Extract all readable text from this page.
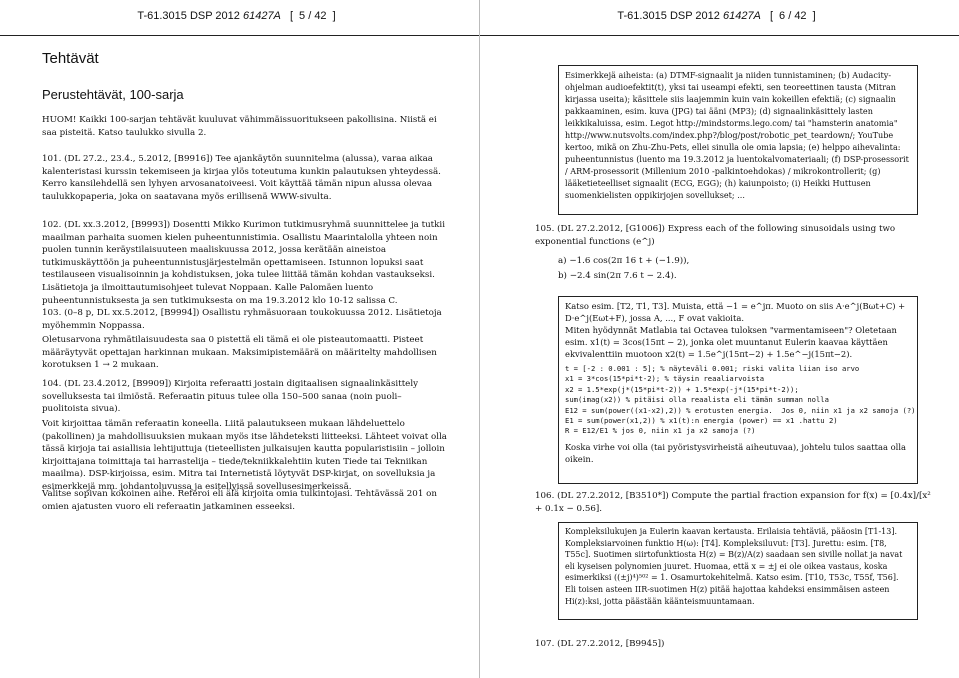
T-61.3015 DSP 2012 61427A [ 5 / 42 ]
Tehtävät
Perustehtävät, 100-sarja
HUOM! Kaikki 100-sarjan tehtävät kuuluvat vähimmäissuoritukseen pakollisina. Niistä ei saa pisteitä. Katso taulukko sivulla 2.
101. (DL 27.2., 23.4., 5.2012, [B9916]) Tee ajankäytön suunnitelma (alussa), varaa aikaa kalenteristasi kurssin tekemiseen ja kirjaa ylös toteutuma kunkin palautuksen yhteydessä. Kerro kansilehdellä sen lyhyen arvosanatoiveesi. Voit käyttää tämän nipun alussa olevaa taulukkopaperia, joka on saatavana myös erillisenä WWW-sivulta.
102. (DL xx.3.2012, [B9993]) Dosentti Mikko Kurimon tutkimusryhmä suunnittelee ja tutkii maailman parhaita suomen kielen puheentunnistimia. Osallistu Maarintalolla yhteen noin puolen tunnin keräystilaisuuteen maaliskuussa 2012, jossa kerätään aineistoa tutkimuskäyttöön ja puheentunnistusjärjestelmän opettamiseen. Istunnon lopuksi saat testilauseen visualisoinnin ja kohdistuksen, joka tulee liittää tämän kohdan vastaukseksi. Lisätietoja ja ilmoittautumisohjeet tulevat Noppaan. Kalle Palomäen luento puheentunnistuksesta ja sen tutkimuksesta on ma 19.3.2012 klo 10-12 salissa C.
103. (0–8 p, DL xx.5.2012, [B9994]) Osallistu ryhmäsuoraan toukokuussa 2012. Lisätietoja myöhemmin Noppassa.
Oletusarvona ryhmätilaisuudesta saa 0 pistettä eli tämä ei ole pisteautomaatti. Pisteet määräytyvät opettajan harkinnan mukaan. Maksimipistemäärä on määritelty mahdollisen korotuksen 1 → 2 mukaan.
104. (DL 23.4.2012, [B9909]) Kirjoita referaatti jostain digitaalisen signaalinkäsittely sovelluksesta tai ilmiöstä. Referaatin pituus tulee olla 150–500 sanaa (noin puoli–puolitoista sivua).
Voit kirjoittaa tämän referaatin koneella. Liitä palautukseen mukaan lähdeluettelo (pakollinen) ja mahdollisuuksien mukaan myös itse lähdeteksti liitteeksi. Lähteet voivat olla tässä kirjoja tai asiallisia lehtijuttuja (tieteellisten julkaisujen kautta popularistisiin – jolloin kirjoittajana toimittaja tai harrastelija – tiede/tekniikkalehtiin kuten Tiede tai Tekniikan maailma). DSP-kirjoissa, esim. Mitra tai Internetistä löytyvät DSP-kirjat, on sovelluksia ja esimerkkejä mm. johdantoluvussa ja esitellyissä sovellusesimerkeissä.
Valitse sopivan kokoinen aihe. Referoi eli älä kirjoita omia tulkintojasi. Tehtävässä 201 on omien ajatusten vuoro eli referaatin jatkaminen esseeksi.
T-61.3015 DSP 2012 61427A [ 6 / 42 ]
Esimerkkejä aiheista: (a) DTMF-signaalit ja niiden tunnistaminen; (b) Audacity-ohjelman audioefektit(t), yksi tai useampi efekti, sen teoreettinen tausta (Mitran kirjassa useita); käsittele siis laajemmin kuin vain kokeillen efektiä; (c) signaalin pakkaaminen, esim. kuva (JPG) tai ääni (MP3); (d) signaalinkäsittely lasten leikkikaluissa, esim. Legot http://mindstorms.lego.com/ tai "hamsterin anatomia" http://www.nutsvolts.com/index.php?/blog/post/robotic_pet_teardown/; YouTube kertoo, mikä on Zhu-Zhu-Pets, ellei sinulla ole omia lapsia; (e) helppo aihevalinta: puheentunnistus (luento ma 19.3.2012 ja luentokalvomateriaali; (f) DSP-prosessorit / ARM-prosessorit (Millenium 2010 -palkintoehdokas) / mikrokontrollerit; (g) lääketieteelliset signaalit (ECG, EGG); (h) kaiunpoisto; (i) Heikki Huttusen suomenkielisten oppikirjojen sovellukset; ...
105. (DL 27.2.2012, [G1006]) Express each of the following sinusoidals using two exponential functions (e^j)
a) −1.6 cos(2π 16 t + (−1.9)),
b) −2.4 sin(2π 7.6 t − 2.4).
Katso esim. [T2, T1, T3]. Muista, että −1 = e^jπ. Muoto on siis A·e^j(Bωt+C) + D·e^j(Eωt+F), jossa A, ..., F ovat vakioita.
Miten hyödynnät Matlabia tai Octavea tuloksen "varmentamiseen"? Oletetaan esim. x1(t) = 3cos(15πt − 2), jonka olet muuntanut Eulerin kaavaa käyttäen ekvivalenttiin muotoon x2(t) = 1.5e^j(15πt−2) + 1.5e^−j(15πt−2).
t = [-2 : 0.001 : 5]; % näyteväli 0.001; riski valita liian iso arvo
x1 = 3*cos(15*pi*t-2); % täysin reaaliarvoista
x2 = 1.5*exp(j*(15*pi*t-2)) + 1.5*exp(-j*(15*pi*t-2));
sum(imag(x2)) % pitäisi olla reaalista eli tämän summan nolla
E12 = sum(power((x1-x2),2)) % erotusten energia.  Jos 0, niin x1 ja x2 samoja (?)
E1 = sum(power(x1,2)) % x1(t):n energia (power) == x1 .hattu 2)
R = E12/E1 % jos 0, niin x1 ja x2 samoja (?)
Koska virhe voi olla (tai pyöristysvirheistä aiheutuvaa), johtelu tulos saattaa olla oikein.
106. (DL 27.2.2012, [B3510*]) Compute the partial fraction expansion for f(x) = [0.4x]/[x² + 0.1x − 0.56].
Kompleksilukujen ja Eulerin kaavan kertausta. Erilaisia tehtäviä, pääosin [T1-13]. Kompleksiarvoinen funktio H(ω): [T4]. Kompleksiluvut: [T3]. Jurettu: esim. [T8, T55c]. Suotimen siirtofunktiosta H(z) = B(z)/A(z) saadaan sen siville nollat ja navat eli kyseisen polynomien juuret. Huomaa, että x = ±j ei ole oikea vastaus, koska esimerkiksi ((±j)⁴)⁵⁰² = 1. Osamurtokehitelmä. Katso esim. [T10, T53c, T55f, T56]. Eli toisen asteen IIR-suotimen H(z) pitää hajottaa kahdeksi ensimmäisen asteen Hi(z):ksi, jotta päästään käänteismuuntamaan.
107. (DL 27.2.2012, [B9945])
